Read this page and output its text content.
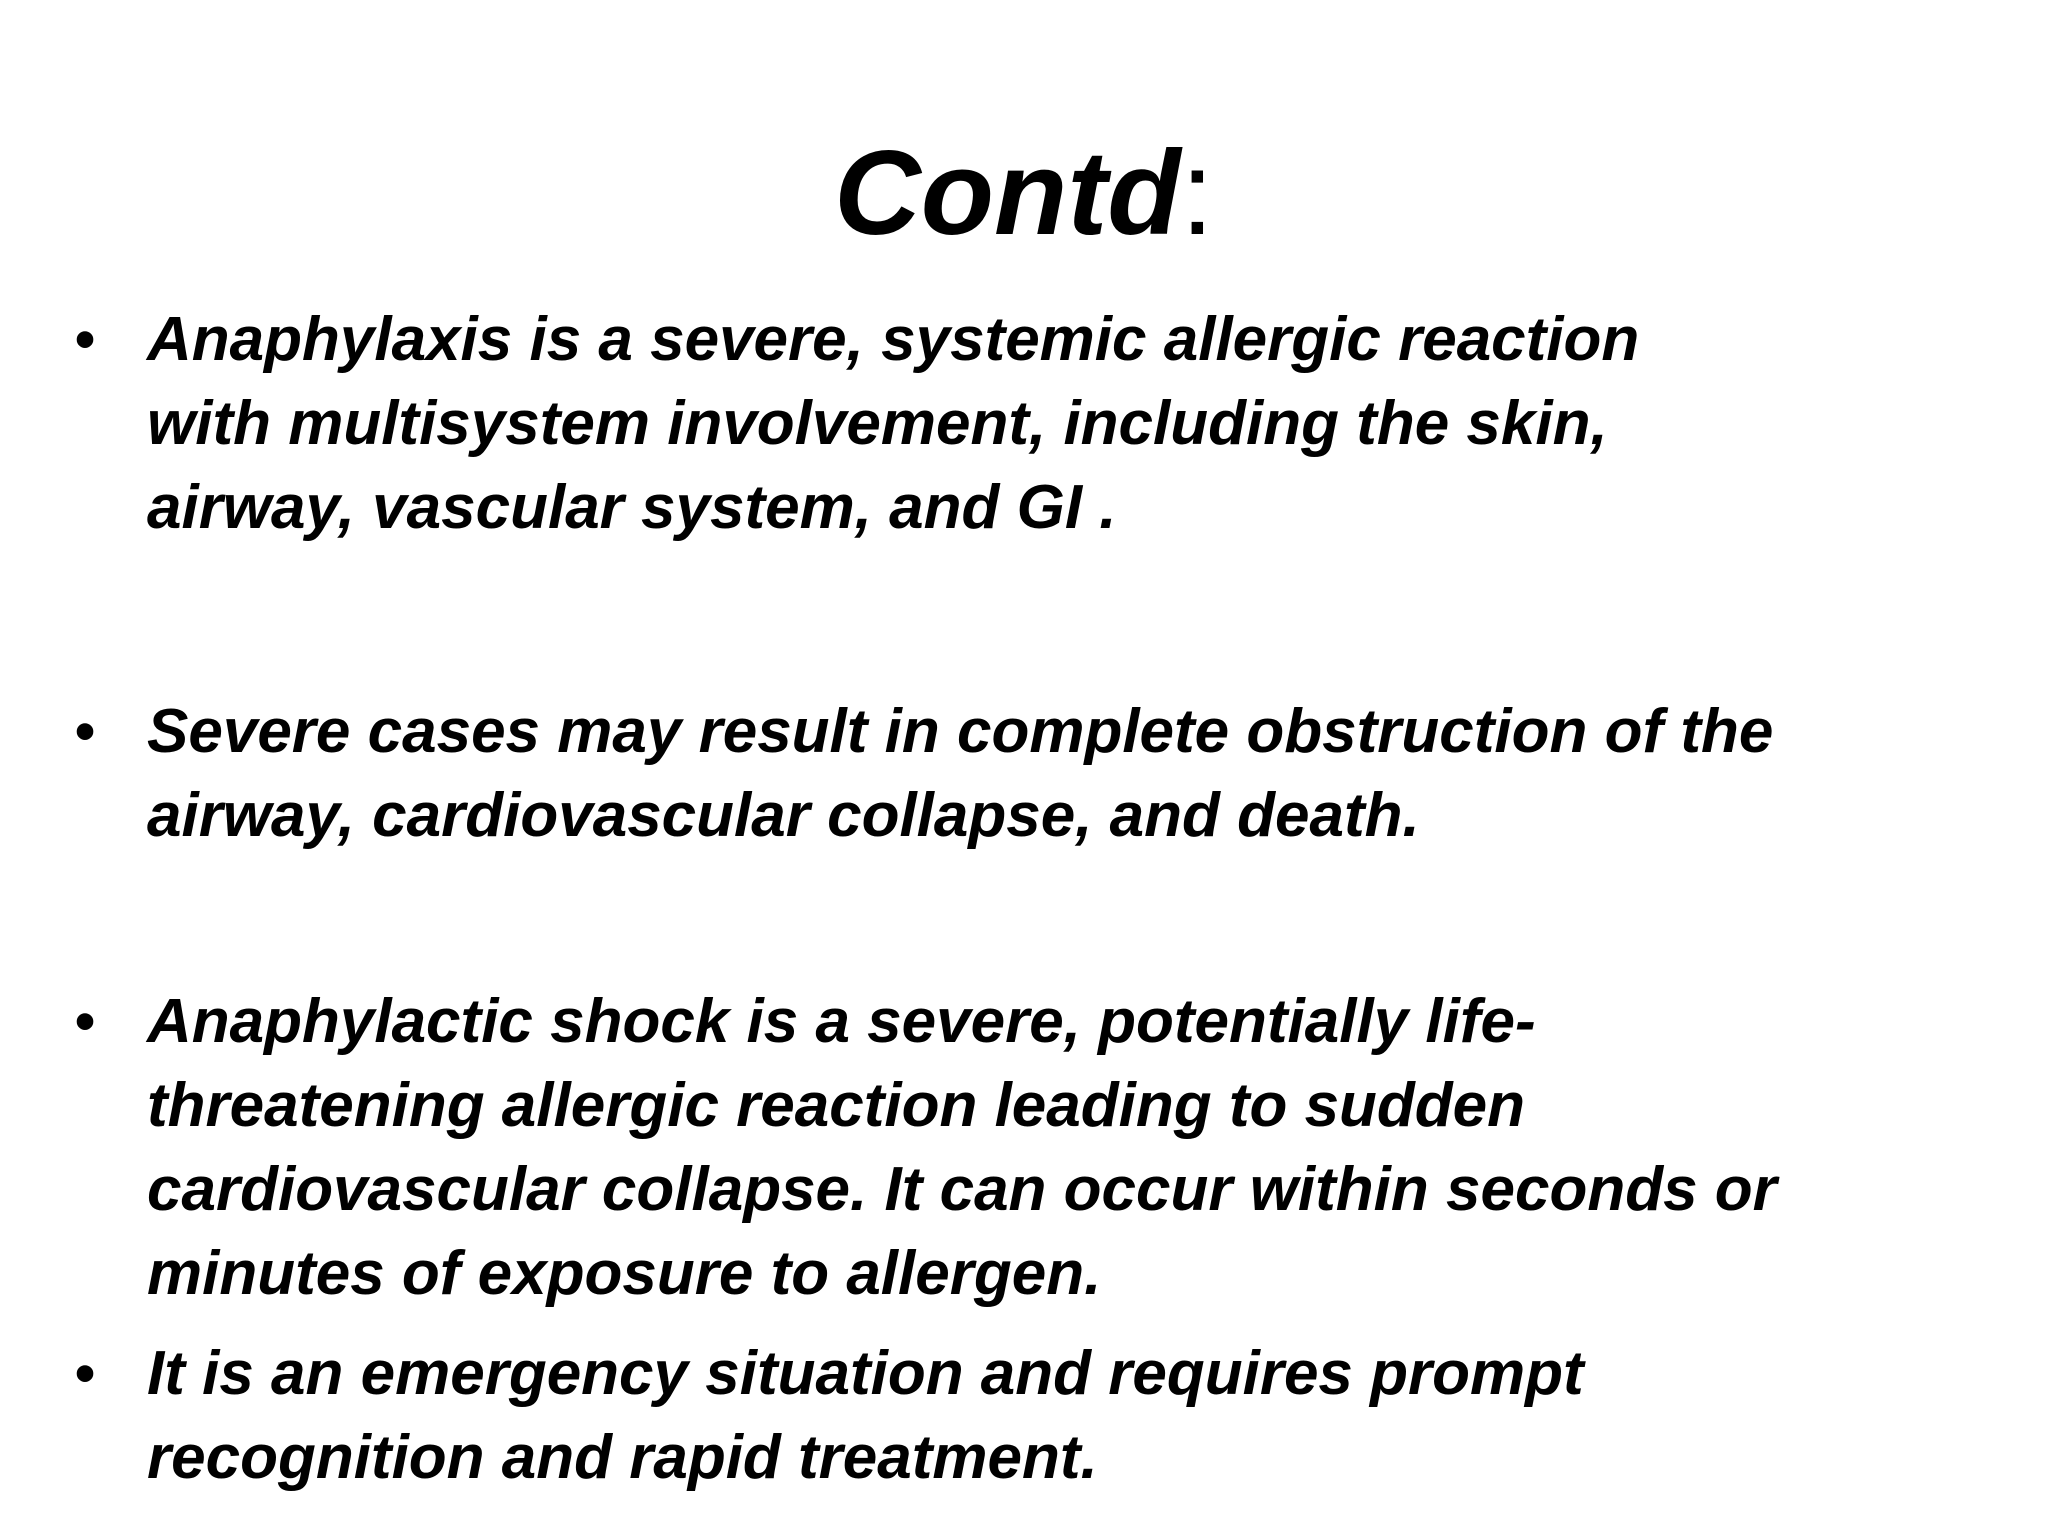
Contd:
• Anaphylaxis is a severe, systemic allergic reaction
with multisystem involvement, including the skin,
airway, vascular system, and GI .
• Severe cases may result in complete obstruction of the
airway, cardiovascular collapse, and death.
• Anaphylactic shock is a severe, potentially life-
threatening allergic reaction leading to sudden
cardiovascular collapse. It can occur within seconds or
minutes of exposure to allergen.
• It is an emergency situation and requires prompt
recognition and rapid treatment.
